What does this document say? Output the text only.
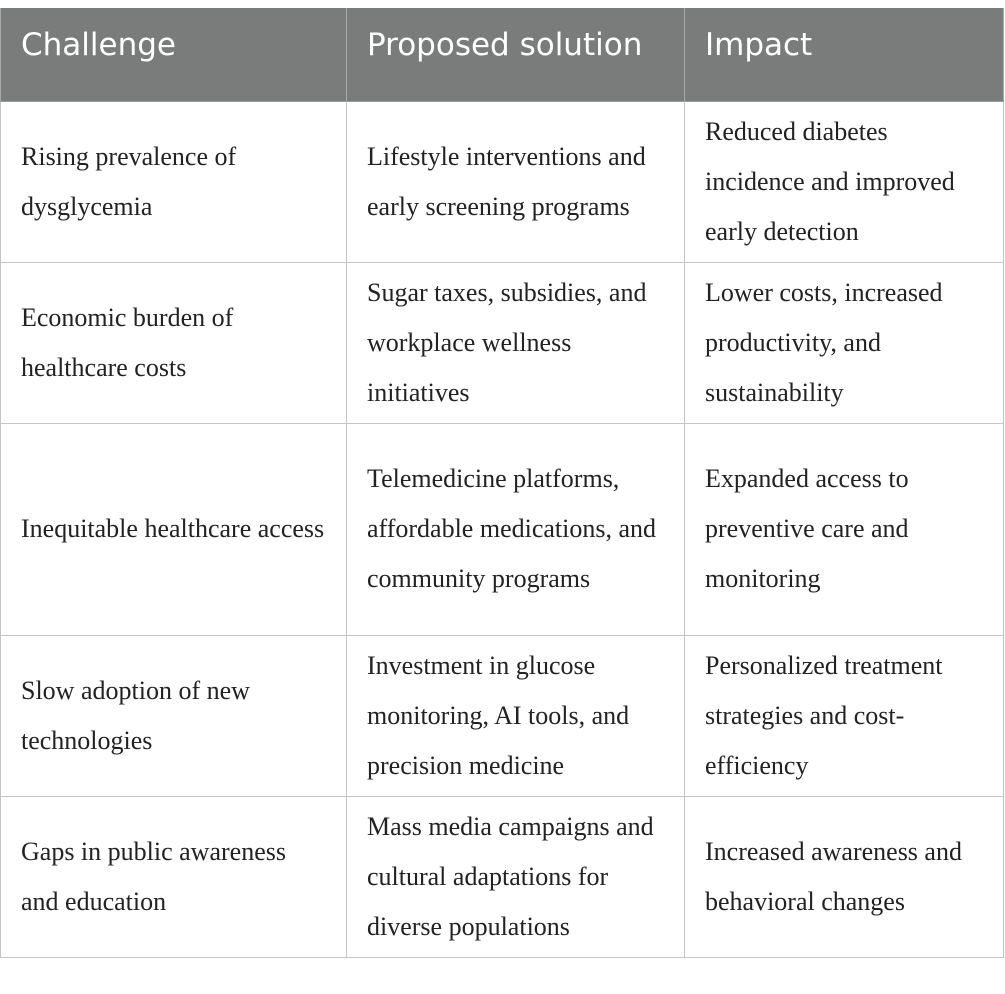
Challenge	Proposed solution	Impact
Rising prevalence of dysglycemia	Lifestyle interventions and early screening programs	Reduced diabetes incidence and improved early detection
Economic burden of healthcare costs	Sugar taxes, subsidies, and workplace wellness initiatives	Lower costs, increased productivity, and sustainability
Inequitable healthcare access	Telemedicine platforms, affordable medications, and community programs	Expanded access to preventive care and monitoring
Slow adoption of new technologies	Investment in glucose monitoring, AI tools, and precision medicine	Personalized treatment strategies and cost-efficiency
Gaps in public awareness and education	Mass media campaigns and cultural adaptations for diverse populations	Increased awareness and behavioral changes
